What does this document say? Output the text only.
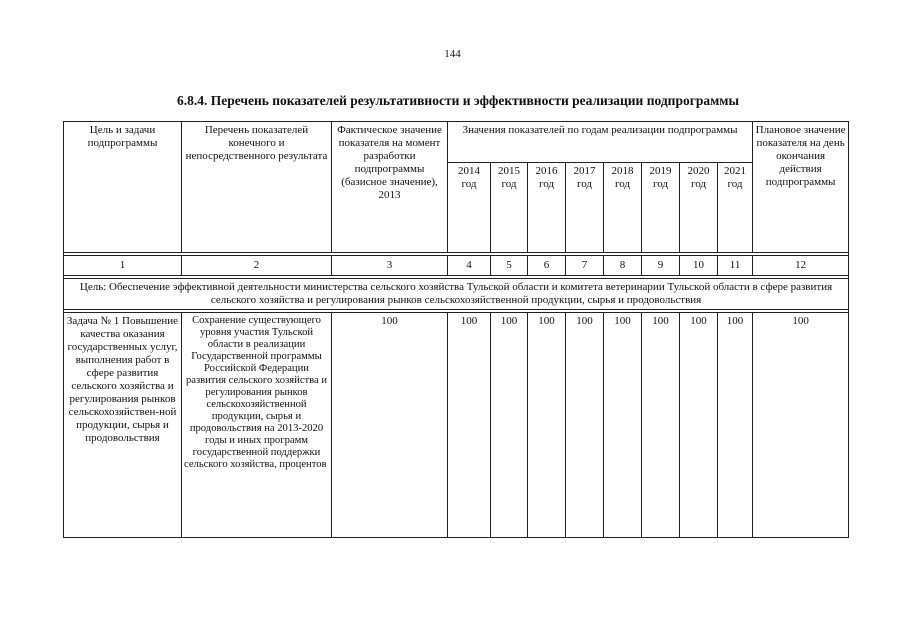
144
6.8.4. Перечень показателей результативности и эффективности реализации подпрограммы
Цель и задачи подпрограммы	Перечень показателей конечного и непосредственного результата	Фактическое значение показателя на момент разработки подпрограммы (базисное значение), 2013	Значения показателей по годам реализации подпрограммы								Плановое значение показателя на день окончания действия подпрограммы
			2014 год	2015 год	2016 год	2017 год	2018 год	2019 год	2020 год	2021 год	

1	2	3	4	5	6	7	8	9	10	11	12

Цель: Обеспечение эффективной деятельности министерства сельского хозяйства Тульской области и комитета ветеринарии Тульской области в сфере развития сельского хозяйства и регулирования рынков сельскохозяйственной продукции, сырья и продовольствия											

Задача № 1 Повышение качества оказания государственных услуг, выполнения работ в сфере развития сельского хозяйства и регулирования рынков сельскохозяйствен-ной продукции, сырья и продовольствия	Сохранение существующего уровня участия Тульской области в реализации Государственной программы Российской Федерации развития сельского хозяйства и регулирования рынков сельскохозяйственной продукции, сырья и продовольствия на 2013-2020 годы и иных программ государственной поддержки сельского хозяйства, процентов	100	100	100	100	100	100	100	100	100	100
